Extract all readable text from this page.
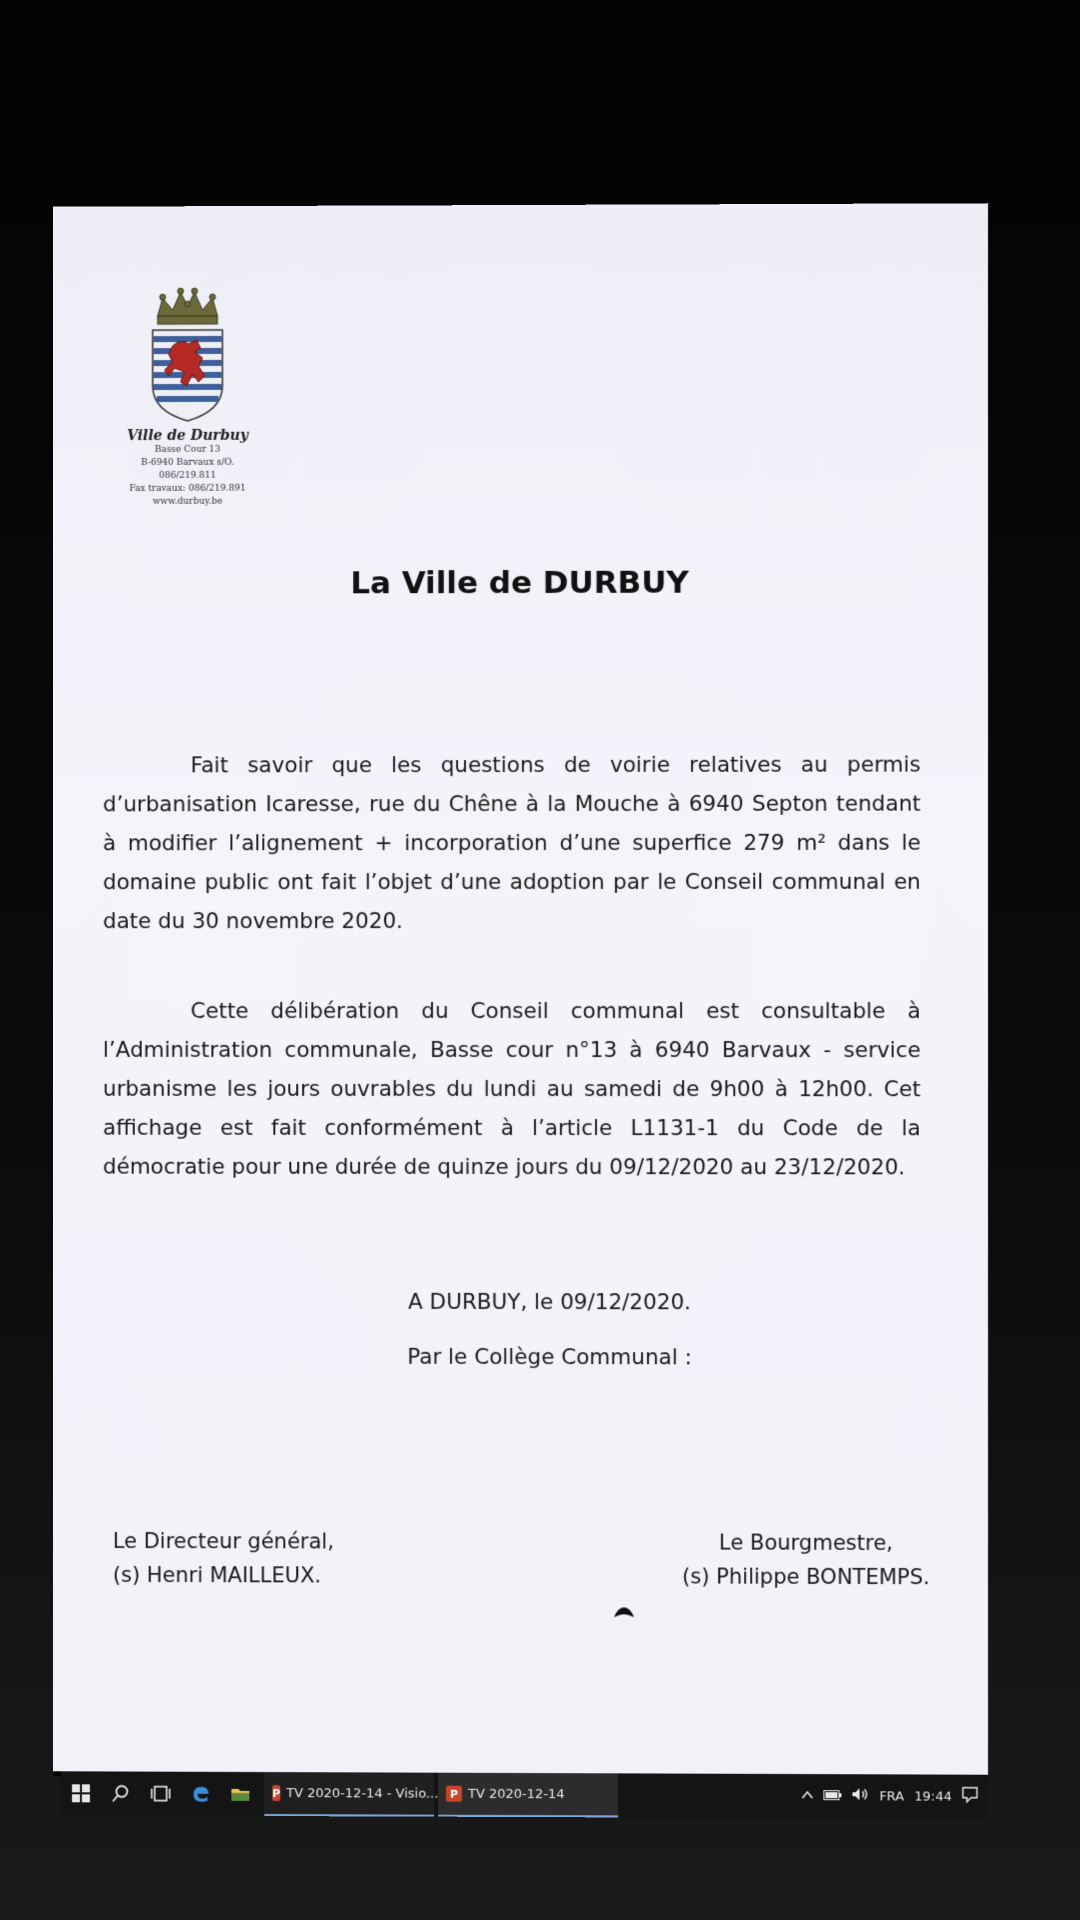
Ville de Durbuy
Basse Cour 13
B-6940 Barvaux s/O.
086/219.811
Fax travaux: 086/219.891
www.durbuy.be
La Ville de DURBUY
Fait savoir que les questions de voirie relatives au permis d’urbanisation Icaresse, rue du Chêne à la Mouche à 6940 Septon tendant à modifier l’alignement + incorporation d’une superfice 279 m² dans le domaine public ont fait l’objet d’une adoption par le Conseil communal en date du 30 novembre 2020.
Cette délibération du Conseil communal est consultable à l’Administration communale, Basse cour n°13 à 6940 Barvaux - service urbanisme les jours ouvrables du lundi au samedi de 9h00 à 12h00. Cet affichage est fait conformément à l’article L1131-1 du Code de la démocratie pour une durée de quinze jours du 09/12/2020 au 23/12/2020.
A DURBUY, le 09/12/2020.
Par le Collège Communal :
Le Directeur général,
(s) Henri MAILLEUX.
Le Bourgmestre,
(s) Philippe BONTEMPS.
P TV 2020-12-14 - Visio...	P TV 2020-12-14	FRA 19:44
